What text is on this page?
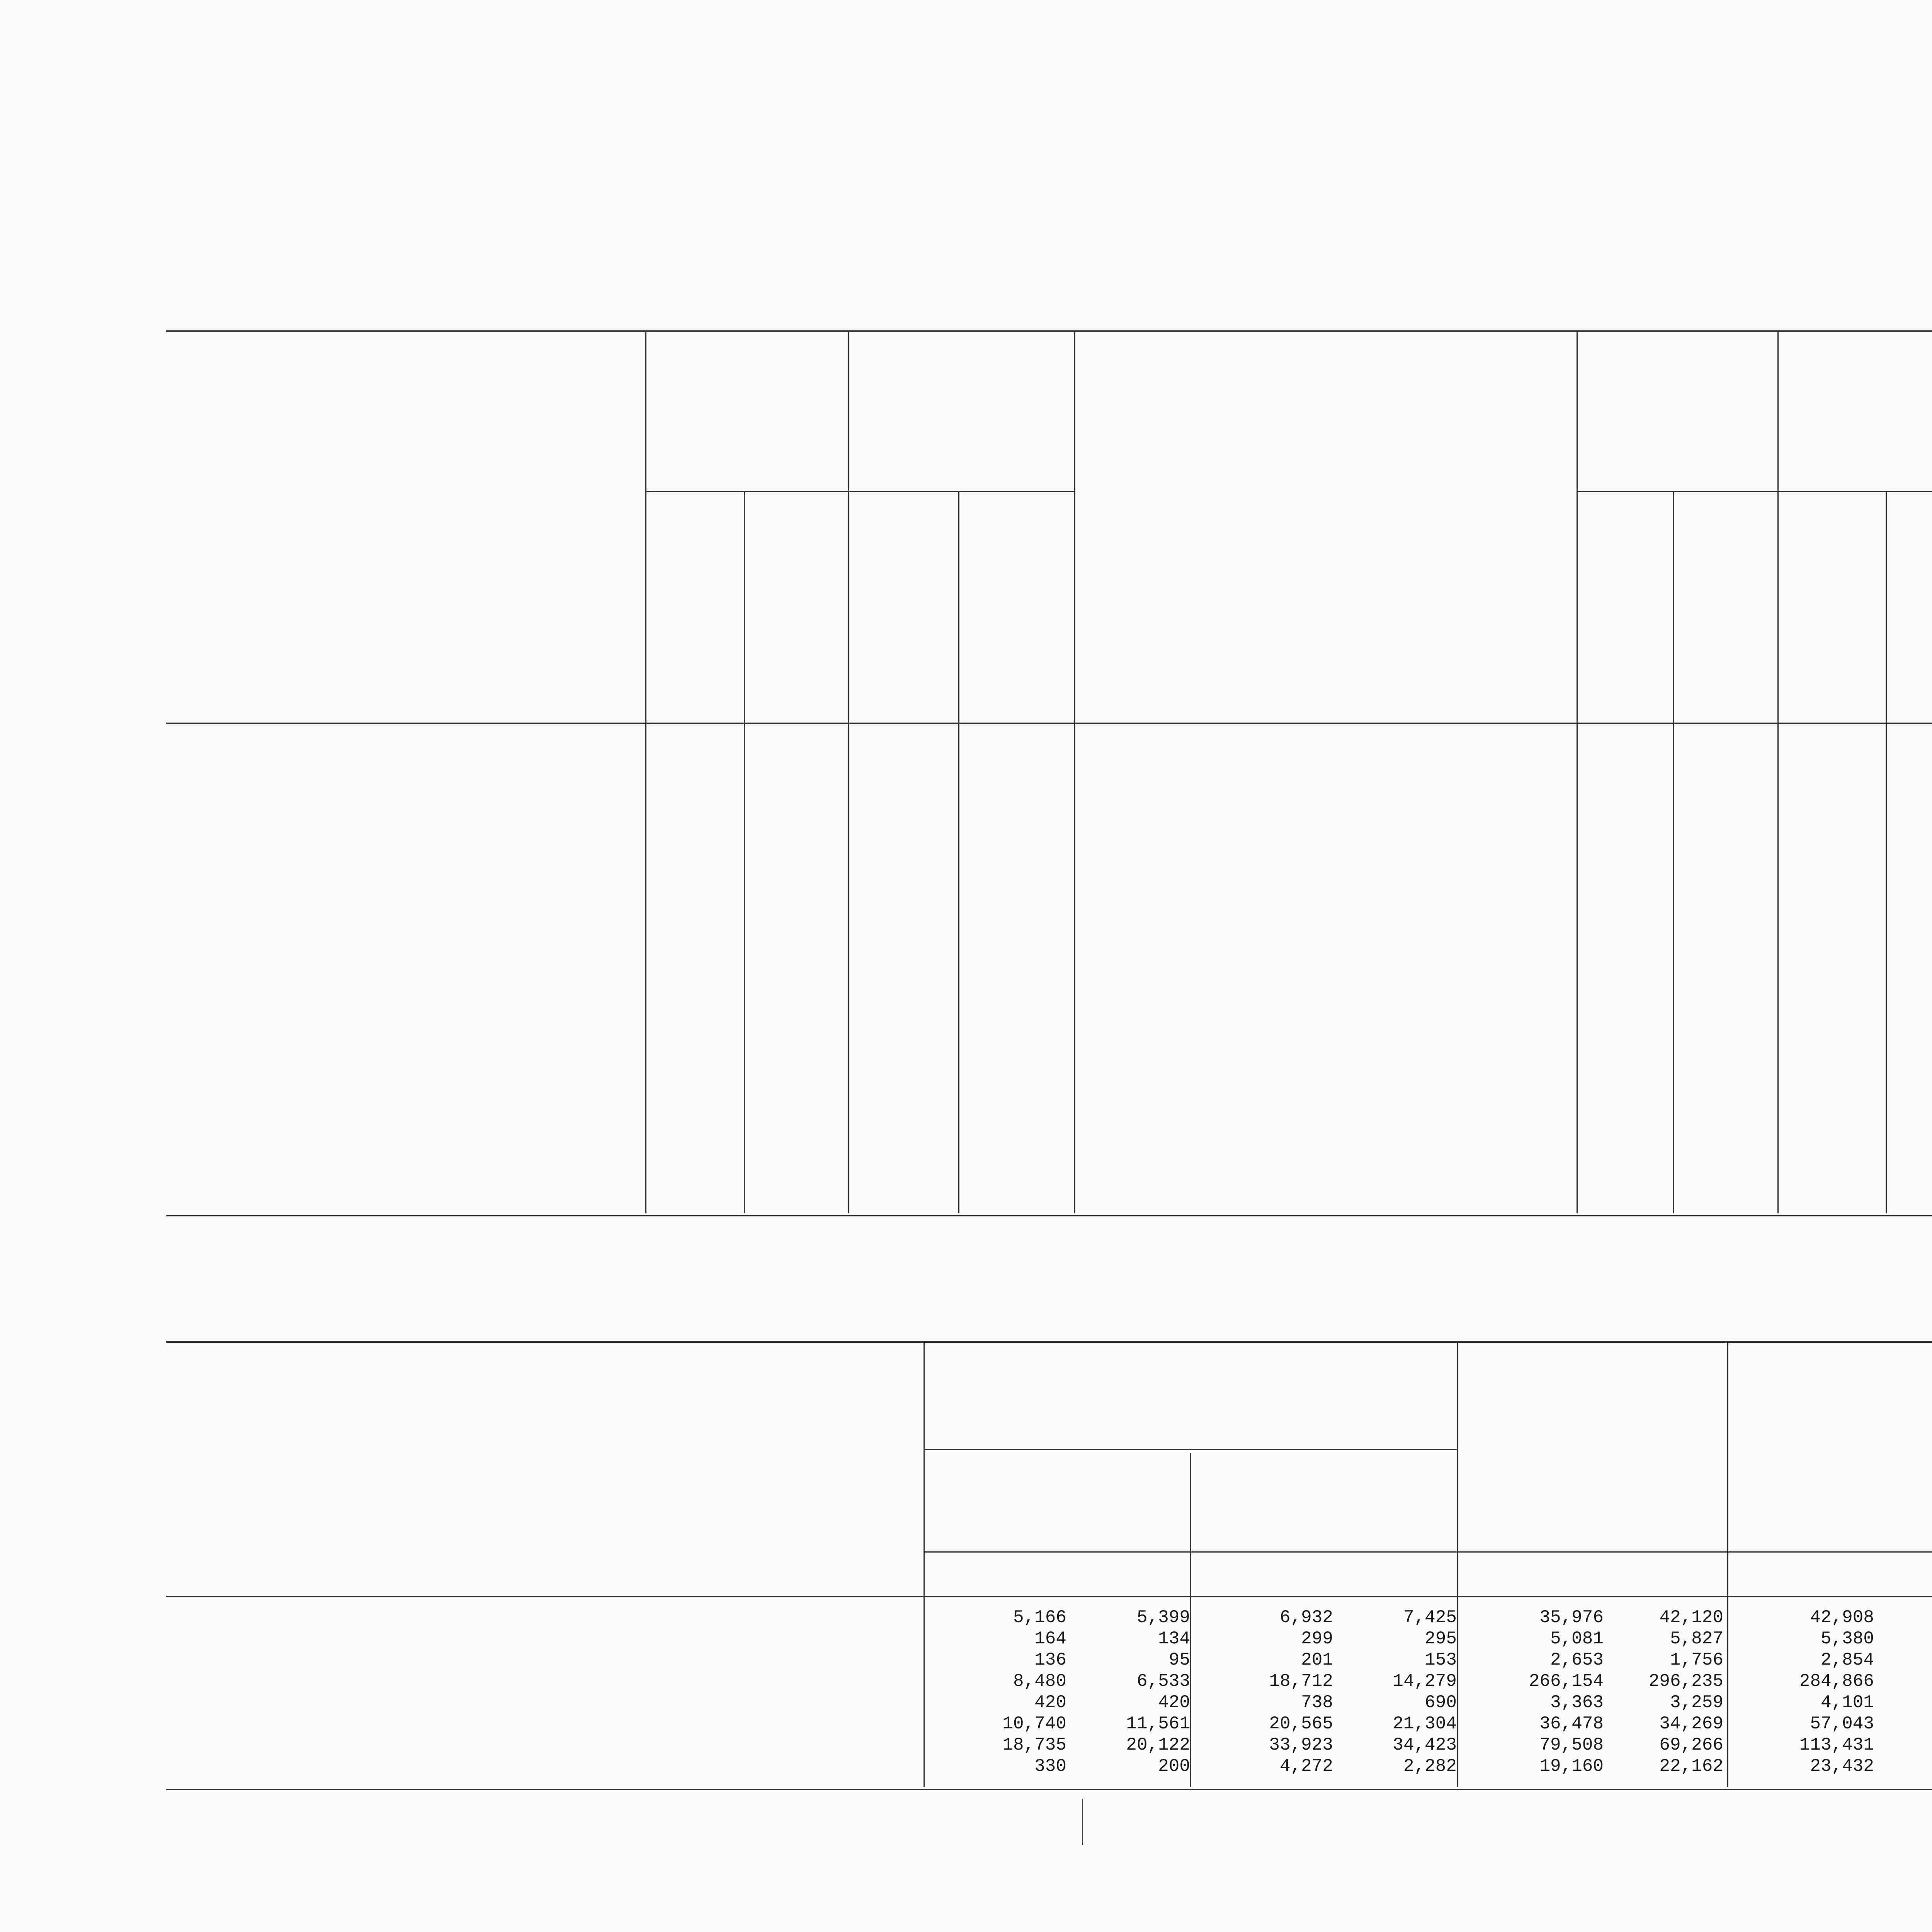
5,166	5,399	6,932	7,425	35,976	42,120	42,908
164	134	299	295	5,081	5,827	5,380
136	95	201	153	2,653	1,756	2,854
8,480	6,533	18,712	14,279	266,154	296,235	284,866
420	420	738	690	3,363	3,259	4,101
10,740	11,561	20,565	21,304	36,478	34,269	57,043
18,735	20,122	33,923	34,423	79,508	69,266	113,431
330	200	4,272	2,282	19,160	22,162	23,432
